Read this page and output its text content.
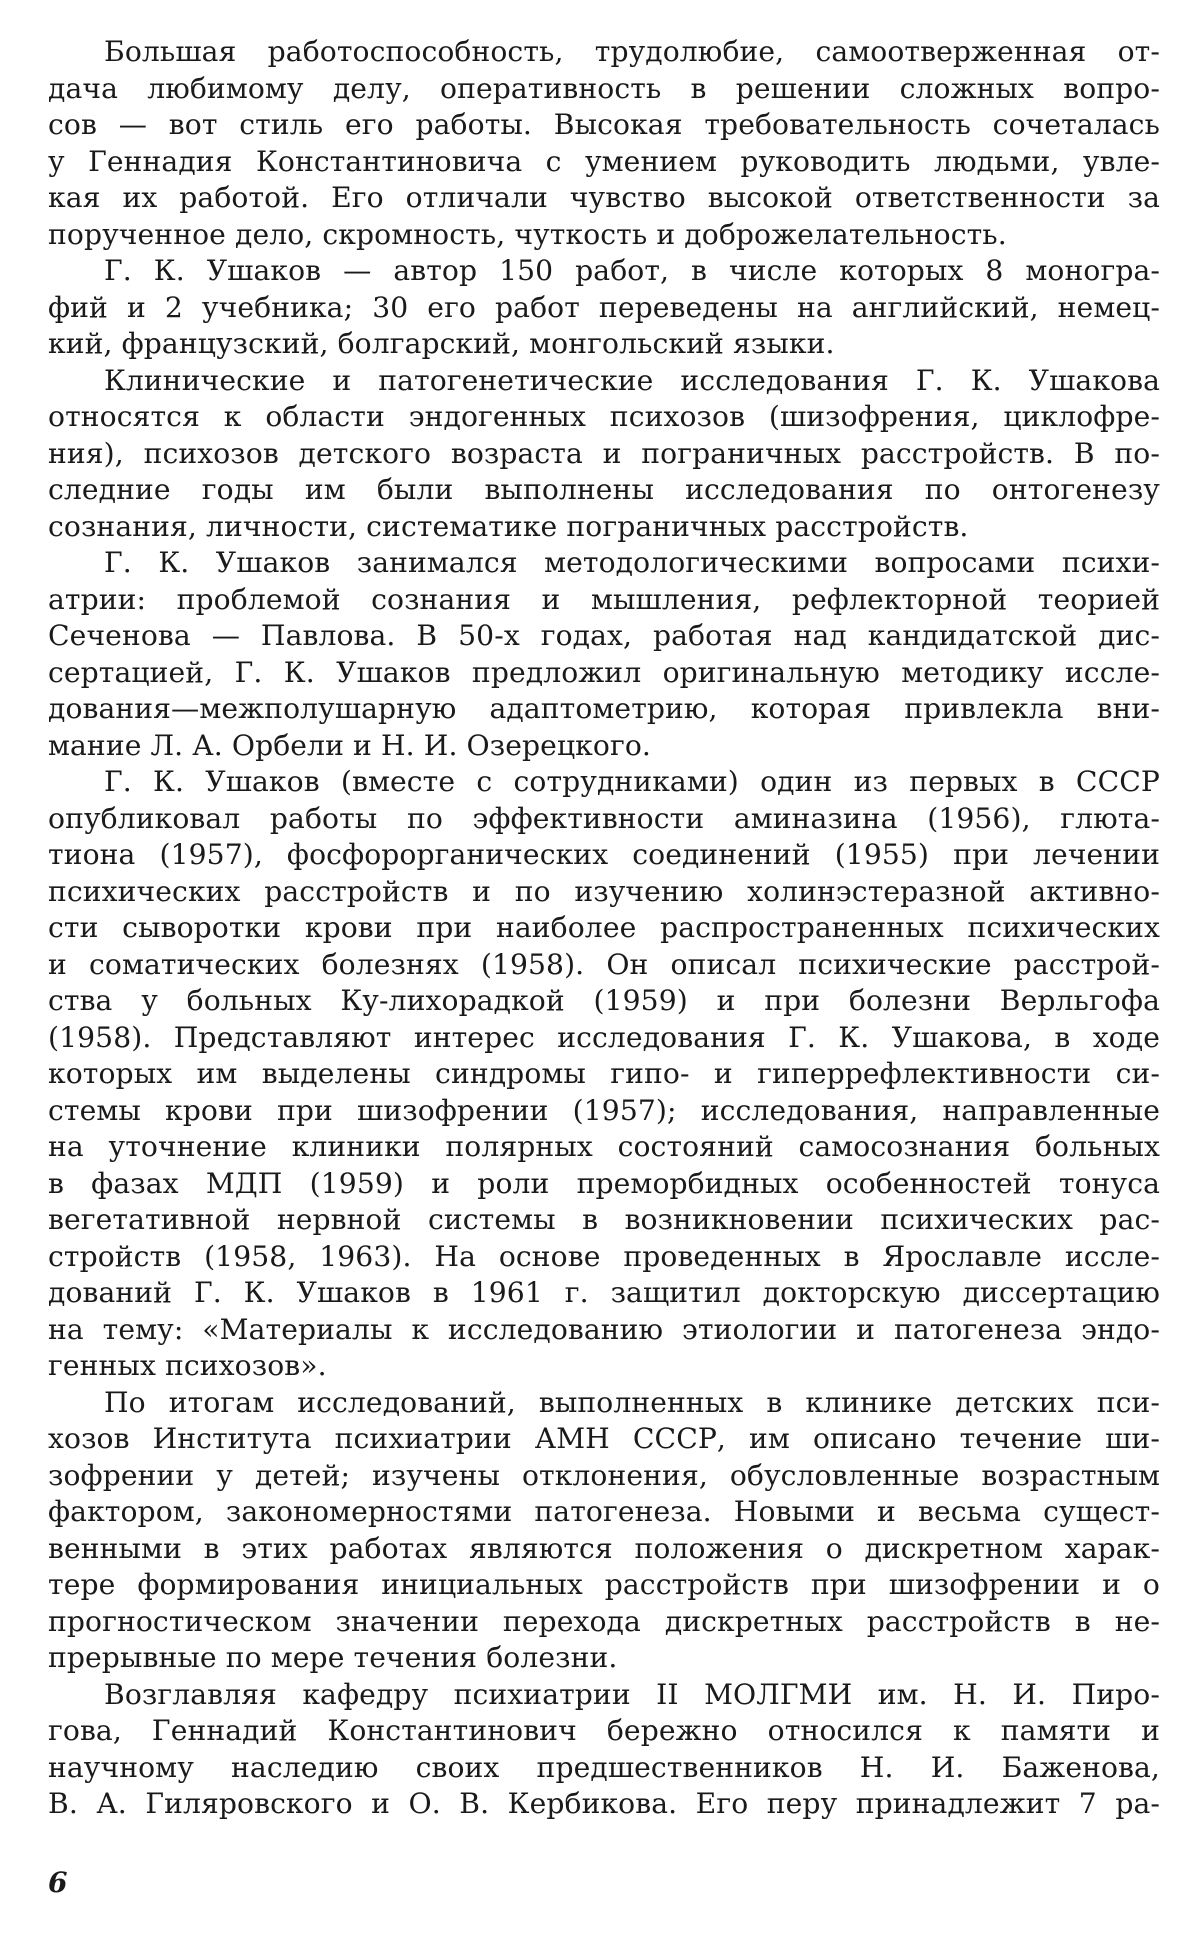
Большая работоспособность, трудолюбие, самоотверженная от-
дача любимому делу, оперативность в решении сложных вопро-
сов — вот стиль его работы. Высокая требовательность сочеталась
у Геннадия Константиновича с умением руководить людьми, увле-
кая их работой. Его отличали чувство высокой ответственности за
порученное дело, скромность, чуткость и доброжелательность.

Г. К. Ушаков — автор 150 работ, в числе которых 8 моногра-
фий и 2 учебника; 30 его работ переведены на английский, немец-
кий, французский, болгарский, монгольский языки.

Клинические и патогенетические исследования Г. К. Ушакова
относятся к области эндогенных психозов (шизофрения, циклофре-
ния), психозов детского возраста и пограничных расстройств. В по-
следние годы им были выполнены исследования по онтогенезу
сознания, личности, систематике пограничных расстройств.

Г. К. Ушаков занимался методологическими вопросами психи-
атрии: проблемой сознания и мышления, рефлекторной теорией
Сеченова — Павлова. В 50-х годах, работая над кандидатской дис-
сертацией, Г. К. Ушаков предложил оригинальную методику иссле-
дования—межполушарную адаптометрию, которая привлекла вни-
мание Л. А. Орбели и Н. И. Озерецкого.

Г. К. Ушаков (вместе с сотрудниками) один из первых в СССР
опубликовал работы по эффективности аминазина (1956), глюта-
тиона (1957), фосфорорганических соединений (1955) при лечении
психических расстройств и по изучению холинэстеразной активно-
сти сыворотки крови при наиболее распространенных психических
и соматических болезнях (1958). Он описал психические расстрой-
ства у больных Ку-лихорадкой (1959) и при болезни Верльгофа
(1958). Представляют интерес исследования Г. К. Ушакова, в ходе
которых им выделены синдромы гипо- и гиперрефлективности си-
стемы крови при шизофрении (1957); исследования, направленные
на уточнение клиники полярных состояний самосознания больных
в фазах МДП (1959) и роли преморбидных особенностей тонуса
вегетативной нервной системы в возникновении психических рас-
стройств (1958, 1963). На основе проведенных в Ярославле иссле-
дований Г. К. Ушаков в 1961 г. защитил докторскую диссертацию
на тему: «Материалы к исследованию этиологии и патогенеза эндо-
генных психозов».

По итогам исследований, выполненных в клинике детских пси-
хозов Института психиатрии АМН СССР, им описано течение ши-
зофрении у детей; изучены отклонения, обусловленные возрастным
фактором, закономерностями патогенеза. Новыми и весьма сущест-
венными в этих работах являются положения о дискретном харак-
тере формирования инициальных расстройств при шизофрении и о
прогностическом значении перехода дискретных расстройств в не-
прерывные по мере течения болезни.

Возглавляя кафедру психиатрии II МОЛГМИ им. Н. И. Пиро-
гова, Геннадий Константинович бережно относился к памяти и
научному наследию своих предшественников Н. И. Баженова,
В. А. Гиляровского и О. В. Кербикова. Его перу принадлежит 7 ра-

6
